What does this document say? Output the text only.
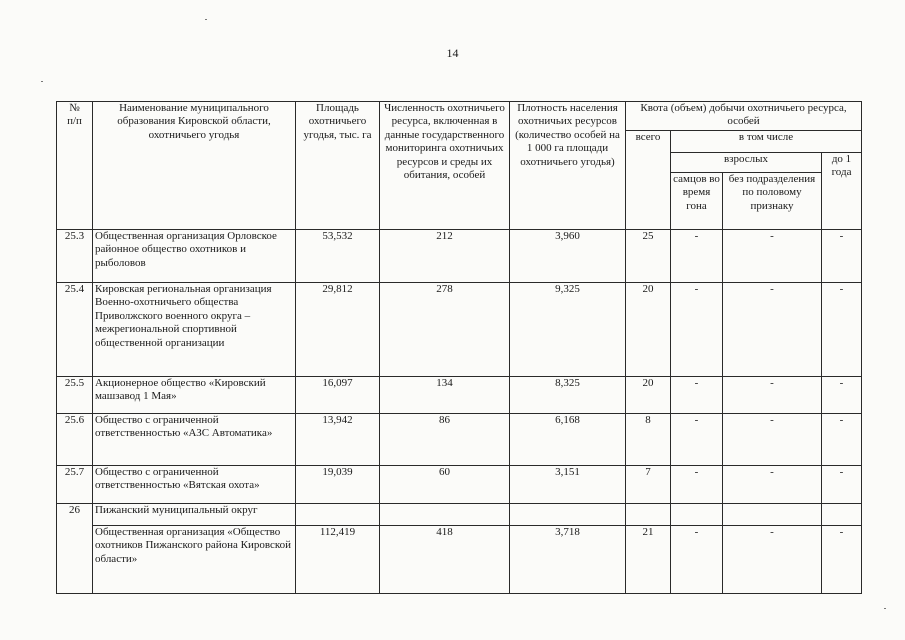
14
№
п/п	Наименование муниципального образования Кировской области, охотничьего угодья	Площадь охотничьего угодья, тыс. га	Численность охотничьего ресурса, включенная в данные государственного мониторинга охотничьих ресурсов и среды их обитания, особей	Плотность населения охотничьих ресурсов (количество особей на 1 000 га площади охотничьего угодья)	Квота (объем) добычи охотничьего ресурса, особей			
					всего	в том числе		
						взрослых		до 1 года
						самцов во время гона	без подразделения по половому признаку	
25.3	Общественная организация Орловское районное общество охотников и рыболовов	53,532	212	3,960	25	-	-	-
25.4	Кировская региональная организация Военно-охотничьего общества Приволжского военного округа – межрегиональной спортивной общественной организации	29,812	278	9,325	20	-	-	-
25.5	Акционерное общество «Кировский машзавод 1 Мая»	16,097	134	8,325	20	-	-	-
25.6	Общество с ограниченной ответственностью «АЗС Автоматика»	13,942	86	6,168	8	-	-	-
25.7	Общество с ограниченной ответственностью «Вятская охота»	19,039	60	3,151	7	-	-	-
26	Пижанский муниципальный округ							
	Общественная организация «Общество охотников Пижанского района Кировской области»	112,419	418	3,718	21	-	-	-
